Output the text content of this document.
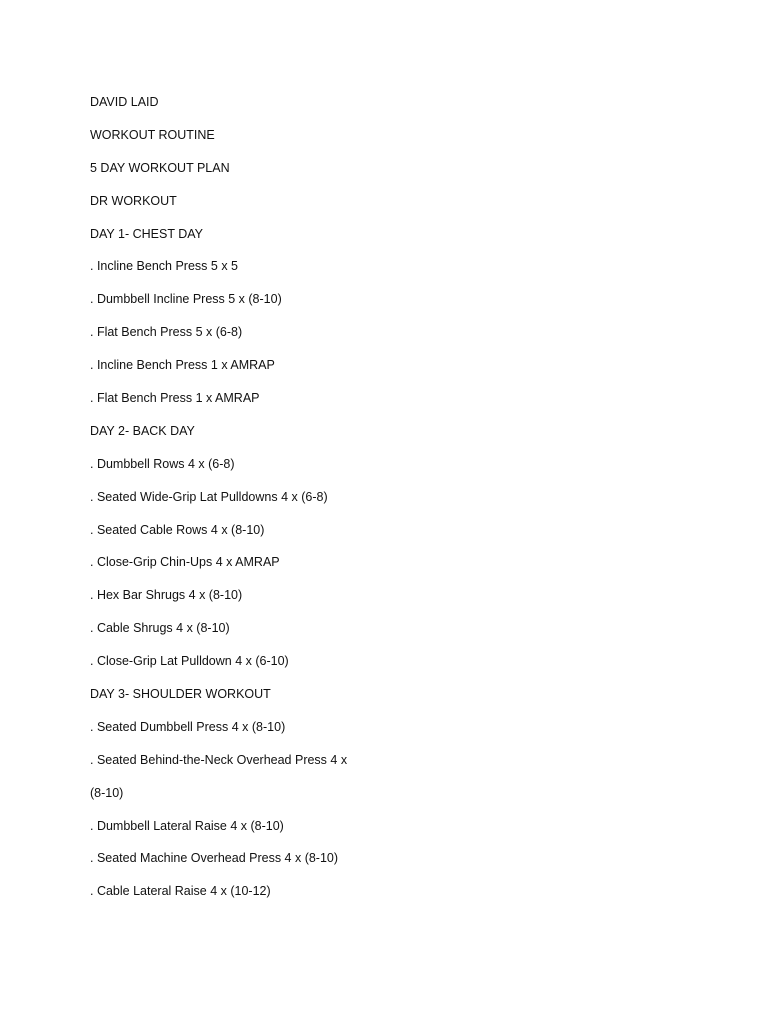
DAVID LAID
WORKOUT ROUTINE
5 DAY WORKOUT PLAN
DR WORKOUT
DAY 1- CHEST DAY
. Incline Bench Press 5 x 5
. Dumbbell Incline Press 5 x (8-10)
. Flat Bench Press 5 x (6-8)
. Incline Bench Press 1 x AMRAP
. Flat Bench Press 1 x AMRAP
DAY 2- BACK DAY
. Dumbbell Rows 4 x (6-8)
. Seated Wide-Grip Lat Pulldowns 4 x (6-8)
. Seated Cable Rows 4 x (8-10)
. Close-Grip Chin-Ups 4 x AMRAP
. Hex Bar Shrugs 4 x (8-10)
. Cable Shrugs 4 x (8-10)
. Close-Grip Lat Pulldown 4 x (6-10)
DAY 3- SHOULDER WORKOUT
. Seated Dumbbell Press 4 x (8-10)
. Seated Behind-the-Neck Overhead Press 4 x
(8-10)
. Dumbbell Lateral Raise 4 x (8-10)
. Seated Machine Overhead Press 4 x (8-10)
. Cable Lateral Raise 4 x (10-12)
